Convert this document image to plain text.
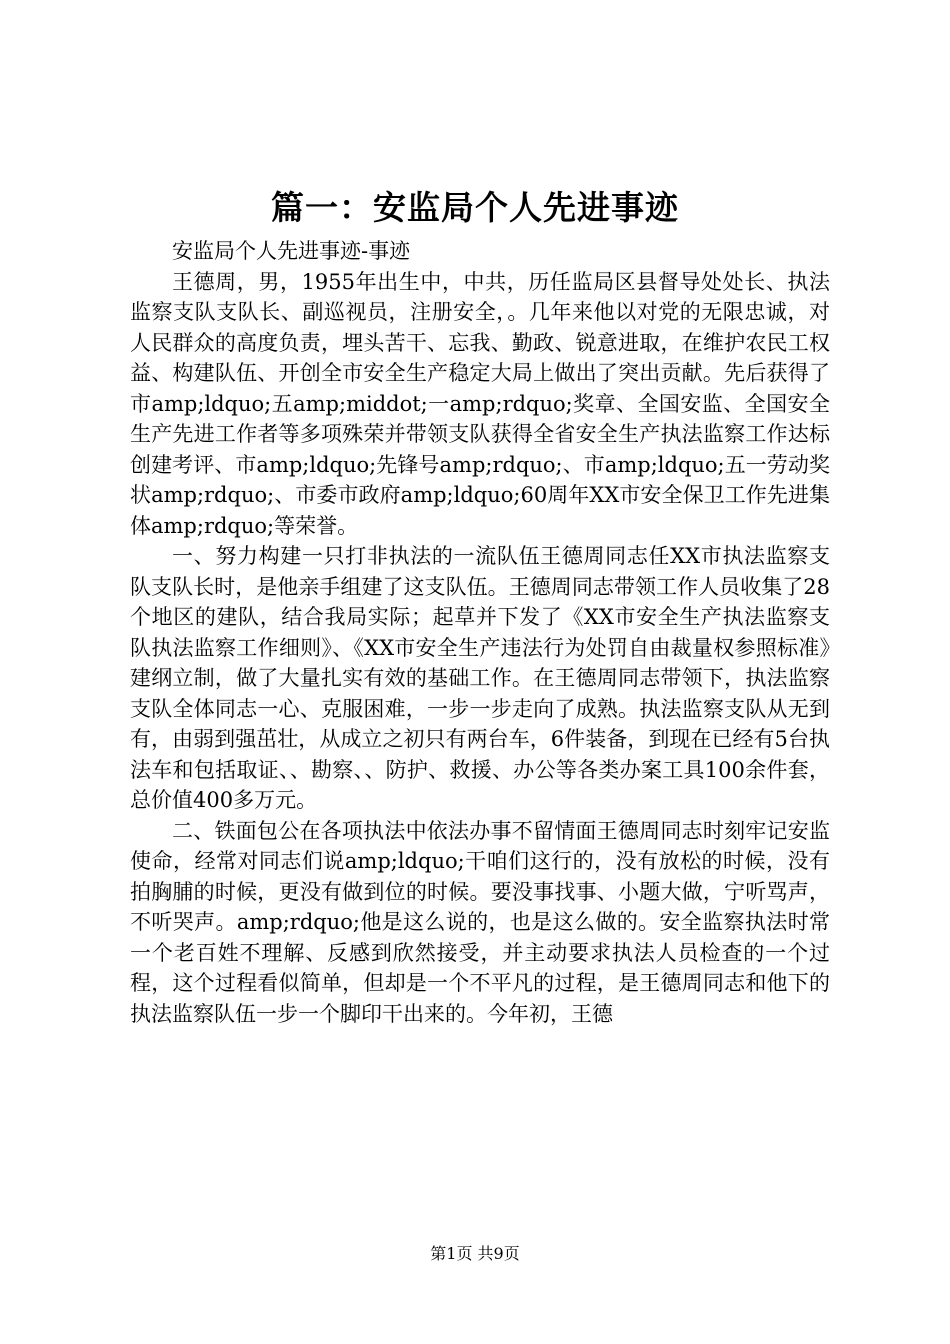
篇一：安监局个人先进事迹

安监局个人先进事迹-事迹

王德周，男，1955年出生中，中共，历任监局区县督导处处长、执法监察支队支队长、副巡视员，注册安全，。几年来他以对党的无限忠诚，对人民群众的高度负责，埋头苦干、忘我、勤政、锐意进取，在维护农民工权益、构建队伍、开创全市安全生产稳定大局上做出了突出贡献。先后获得了市amp;ldquo;五amp;middot;一amp;rdquo;奖章、全国安监、全国安全生产先进工作者等多项殊荣并带领支队获得全省安全生产执法监察工作达标创建考评、市amp;ldquo;先锋号amp;rdquo;、市amp;ldquo;五一劳动奖状amp;rdquo;、市委市政府amp;ldquo;60周年XX市安全保卫工作先进集体amp;rdquo;等荣誉。

一、努力构建一只打非执法的一流队伍王德周同志任XX市执法监察支队支队长时，是他亲手组建了这支队伍。王德周同志带领工作人员收集了28个地区的建队，结合我局实际；起草并下发了《XX市安全生产执法监察支队执法监察工作细则》、《XX市安全生产违法行为处罚自由裁量权参照标准》建纲立制，做了大量扎实有效的基础工作。在王德周同志带领下，执法监察支队全体同志一心、克服困难，一步一步走向了成熟。执法监察支队从无到有，由弱到强茁壮，从成立之初只有两台车，6件装备，到现在已经有5台执法车和包括取证、、勘察、、防护、救援、办公等各类办案工具100余件套，总价值400多万元。

二、铁面包公在各项执法中依法办事不留情面王德周同志时刻牢记安监使命，经常对同志们说amp;ldquo;干咱们这行的，没有放松的时候，没有拍胸脯的时候，更没有做到位的时候。要没事找事、小题大做，宁听骂声，不听哭声。amp;rdquo;他是这么说的，也是这么做的。安全监察执法时常一个老百姓不理解、反感到欣然接受，并主动要求执法人员检查的一个过程，这个过程看似简单，但却是一个不平凡的过程，是王德周同志和他下的执法监察队伍一步一个脚印干出来的。今年初，王德

第1页 共9页
